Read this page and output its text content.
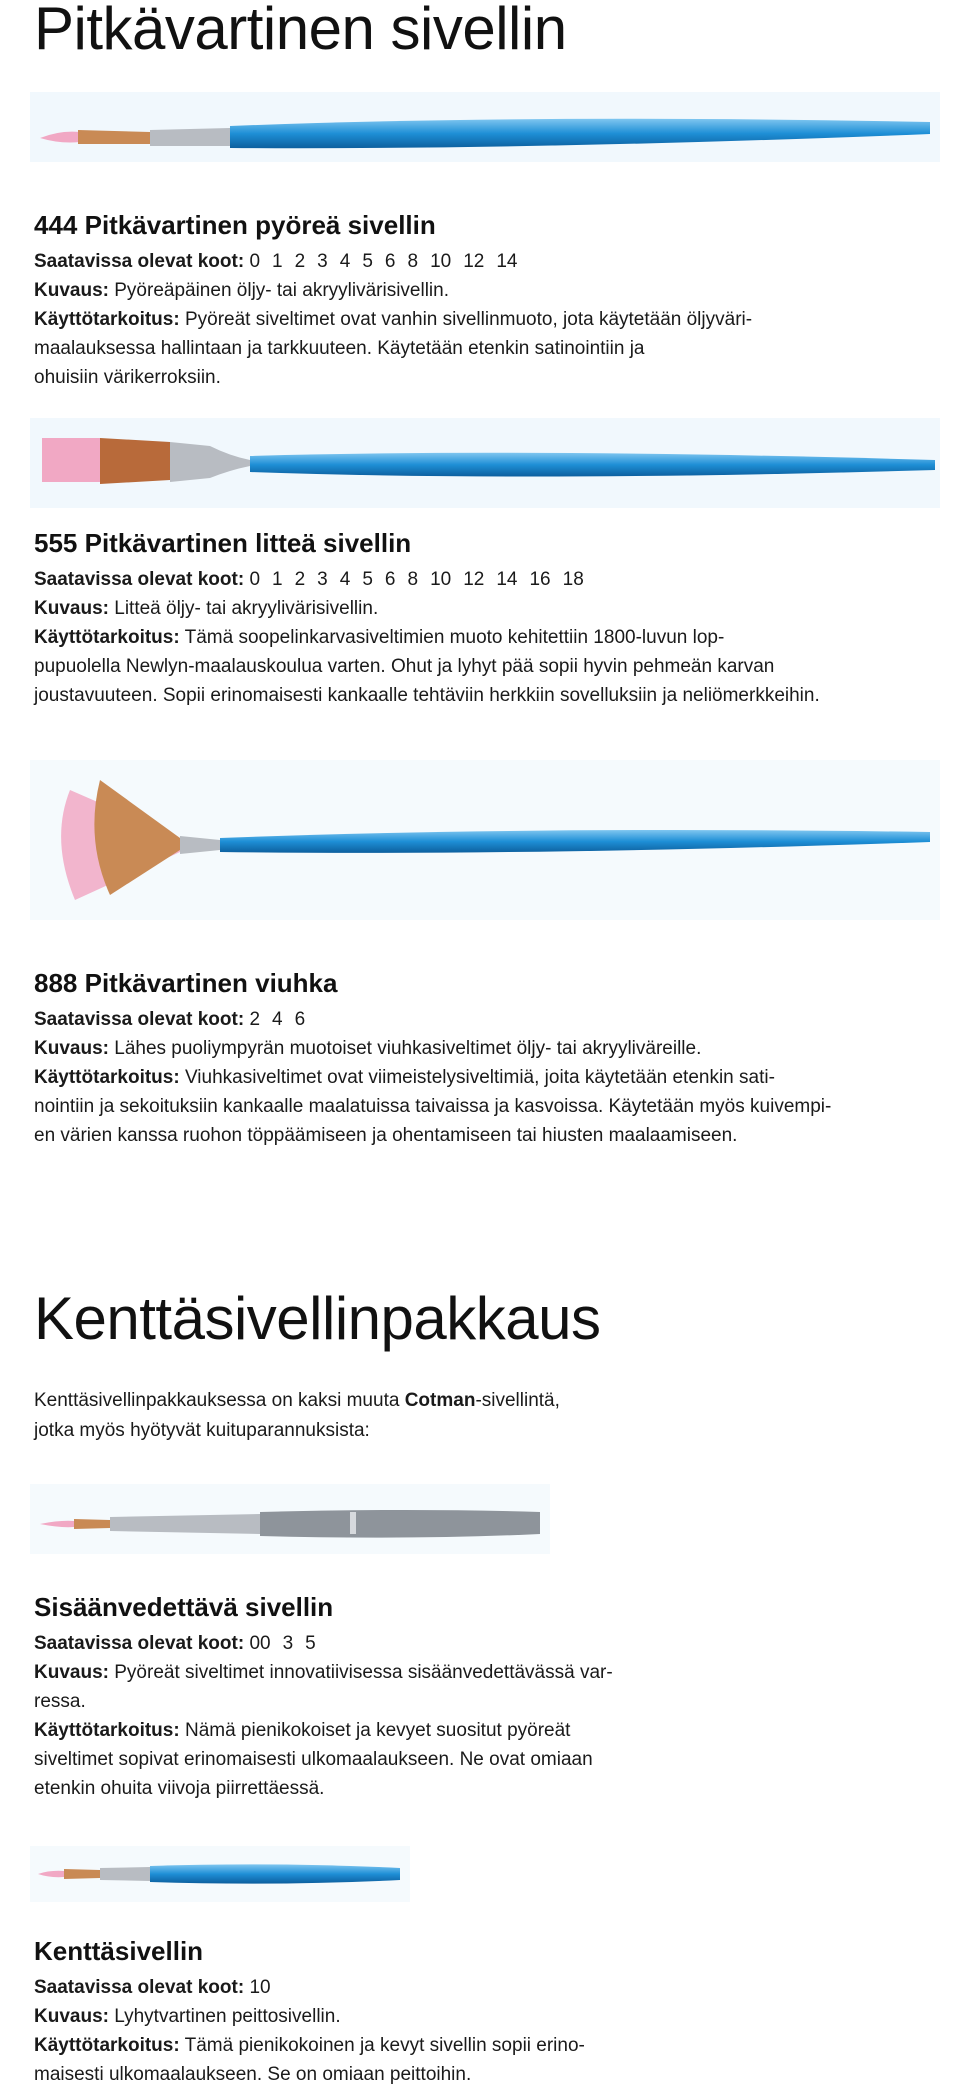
Pitkävartinen sivellin
444 Pitkävartinen pyöreä sivellin

Saatavissa olevat koot: 0 1 2 3 4 5 6 8 10 12 14

Kuvaus: Pyöreäpäinen öljy- tai akryylivärisivellin.

Käyttötarkoitus: Pyöreät siveltimet ovat vanhin sivellinmuoto, jota käytetään öljyväri-

maalauksessa hallintaan ja tarkkuuteen. Käytetään etenkin satinointiin ja

ohuisiin värikerroksiin.

555 Pitkävartinen litteä sivellin

Saatavissa olevat koot: 0 1 2 3 4 5 6 8 10 12 14 16 18

Kuvaus: Litteä öljy- tai akryylivärisivellin.

Käyttötarkoitus: Tämä soopelinkarvasiveltimien muoto kehitettiin 1800-luvun lop-

pupuolella Newlyn-maalauskoulua varten. Ohut ja lyhyt pää sopii hyvin pehmeän karvan

joustavuuteen. Sopii erinomaisesti kankaalle tehtäviin herkkiin sovelluksiin ja neliömerkkeihin.

888 Pitkävartinen viuhka

Saatavissa olevat koot: 2 4 6

Kuvaus: Lähes puoliympyrän muotoiset viuhkasiveltimet öljy- tai akryyliväreille.

Käyttötarkoitus: Viuhkasiveltimet ovat viimeistelysiveltimiä, joita käytetään etenkin sati-

nointiin ja sekoituksiin kankaalle maalatuissa taivaissa ja kasvoissa. Käytetään myös kuivempi-

en värien kanssa ruohon töppäämiseen ja ohentamiseen tai hiusten maalaamiseen.

Kenttäsivellinpakkaus
Kenttäsivellinpakkauksessa on kaksi muuta Cotman-sivellintä,
jotka myös hyötyvät kuituparannuksista:
Sisäänvedettävä sivellin

Saatavissa olevat koot: 00 3 5

Kuvaus: Pyöreät siveltimet innovatiivisessa sisäänvedettävässä var-

ressa.

Käyttötarkoitus: Nämä pienikokoiset ja kevyet suositut pyöreät

siveltimet sopivat erinomaisesti ulkomaalaukseen. Ne ovat omiaan

etenkin ohuita viivoja piirrettäessä.

Kenttäsivellin

Saatavissa olevat koot: 10

Kuvaus: Lyhytvartinen peittosivellin.

Käyttötarkoitus: Tämä pienikokoinen ja kevyt sivellin sopii erino-

maisesti ulkomaalaukseen. Se on omiaan peittoihin.
